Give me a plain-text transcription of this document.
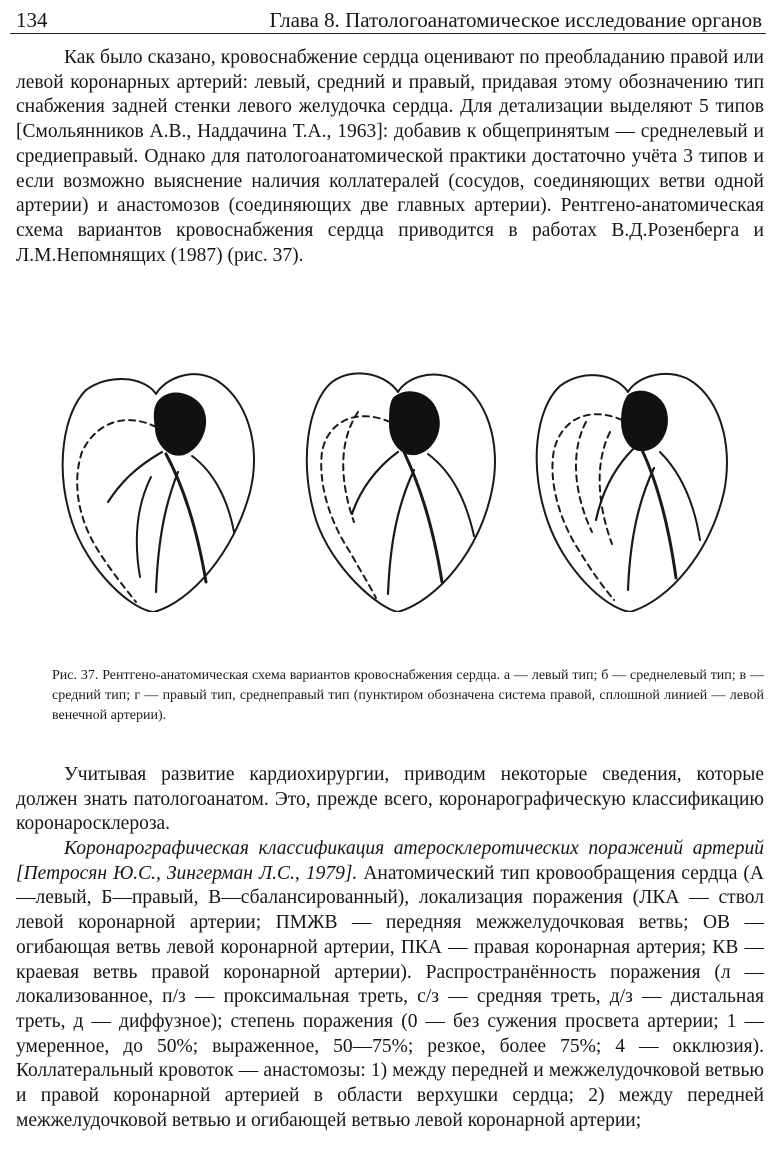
134	Глава 8. Патологоанатомическое исследование органов

Как было сказано, кровоснабжение сердца оценивают по преобладанию правой или левой коронарных артерий: левый, средний и правый, придавая этому обозначению тип снабжения задней стенки левого желудочка сердца. Для детализации выделяют 5 типов [Смольянников А.В., Наддачина Т.А., 1963]: добавив к общепринятым — среднелевый и средиеправый. Однако для патологоанатомической практики достаточно учёта 3 типов и если возможно выяснение наличия коллатералей (сосудов, соединяющих ветви одной артерии) и анастомозов (соединяющих две главных артерии). Рентгено-анатомическая схема вариантов кровоснабжения сердца приводится в работах В.Д.Розенберга и Л.М.Непомнящих (1987) (рис. 37).

Рис. 37. Рентгено-анатомическая схема вариантов кровоснабжения сердца. а — левый тип; б — среднелевый тип; в — средний тип; г — правый тип, среднеправый тип (пунктиром обозначена система правой, сплошной линией — левой венечной артерии).

Учитывая развитие кардиохирургии, приводим некоторые сведения, которые должен знать патологоанатом. Это, прежде всего, коронарографическую классификацию коронаросклероза.

Коронарографическая классификация атеросклеротических поражений артерий [Петросян Ю.С., Зингерман Л.С., 1979]. Анатомический тип кровообращения сердца (А—левый, Б—правый, В—сбалансированный), локализация поражения (ЛКА — ствол левой коронарной артерии; ПМЖВ — передняя межжелудочковая ветвь; ОВ — огибающая ветвь левой коронарной артерии, ПКА — правая коронарная артерия; КВ — краевая ветвь правой коронарной артерии). Распространённость поражения (л — локализованное, п/з — проксимальная треть, с/з — средняя треть, д/з — дистальная треть, д — диффузное); степень поражения (0 — без сужения просвета артерии; 1 — умеренное, до 50%; выраженное, 50—75%; резкое, более 75%; 4 — окклюзия). Коллатеральный кровоток — анастомозы: 1) между передней и межжелудочковой ветвью и правой коронарной артерией в области верхушки сердца; 2) между передней межжелудочковой ветвью и огибающей ветвью левой коронарной артерии;
